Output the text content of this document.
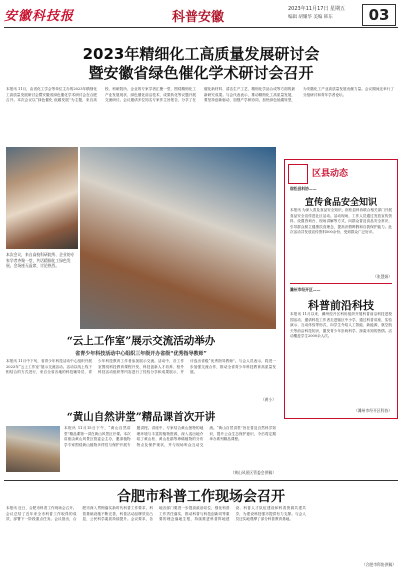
安徽科技报	科普安徽
2023年11月17日 星期五
编辑 胡耀华 美编 韩东	03
2023年精细化工高质量发展研讨会
暨安徽省绿色催化学术研讨会召开
本报讯 11月，由省化工学会等单位主办的2023年精细化工高质量发展研讨会暨安徽省绿色催化学术研讨会在合肥召开。本次会议以“绿色催化 低碳发展”为主题，来自高校、科研院所、企业的专家学者汇聚一堂，围绕精细化工产业发展现状、绿色催化前沿技术、成果转化等议题开展交流研讨。会议邀请多位知名专家作主旨报告，分享了在催化新材料、清洁生产工艺、精细化学品合成等方面的最新研究成果。与会代表表示，推动精细化工高质量发展，要坚持创新驱动，加强产学研协同，加快绿色低碳转型，为安徽化工产业高质量发展贡献力量。会议期间还举行了分组研讨和青年学者论坛。
本次会议，来自高校科研院所、企业的专家学者齐聚一堂，共话精细化工绿色发展。会场座无虚席，讨论热烈。
“云上工作室”展示交流活动举办
省青少年科技活动中心组织三年级开办省级“优秀指导教师”
本报讯 11月中下旬，省青少年科技活动中心组织开展2023年“云上工作室”展示交流活动。活动以线上线下相结合的方式进行，来自全省各地的科技辅导员、青少年科技教育工作者参加展示交流。活动中，各工作室围绕科技教育课程开发、科技创新人才培养、校外科技活动组织等内容进行了经验分享和成果展示，并评选出省级“优秀指导教师”。与会人员表示，将进一步加强交流合作，推动全省青少年科技教育高质量发展。
（黄小）
“黄山自然讲堂”精品课首次开讲
本报讯 11月15日下午，“黄山自然讲堂”精品课第一讲在黄山风景区开课。本次讲座由黄山风景区管委会主办，邀请植物学专家围绕黄山植物多样性与保护开展专题讲授。讲座中，专家结合黄山独特的地理环境与丰富的植物资源，深入浅出地介绍了黄山松、黄山杜鹃等珍稀植物的分布特点及保护现状，并与现场听众互动交流。“黄山自然讲堂”旨在普及自然科学知识，提升公众生态保护意识，今后将定期举办系列精品课程。
（黄山风景区管委会供稿）
区县动态
宿松县科协——
宣传食品安全知识
本报讯 为深入普及食品安全知识，宿松县科协联合相关部门开展食品安全宣传进社区活动。活动现场，工作人员通过发放宣传资料、设置咨询台、现场讲解等方式，向群众普及食品安全常识，引导群众树立健康饮食理念，提高识假辨假和自我保护能力。此次活动共发放宣传资料500余份，受到群众广泛好评。
（张慧娟）
濉州市经开区——
科普前沿科技
本报讯 11月以来，濉州经开区科协组织开展科普前沿科技进校园活动，邀请科技工作者走进辖区中小学，通过科普讲座、实验演示、互动体验等形式，向学生介绍人工智能、新能源、航空航天等前沿科技知识，激发青少年崇尚科学、探索未知的热情。活动覆盖学生2000余人次。
（濉州市经开区科协）
合肥市科普工作现场会召开
本报讯 近日，合肥市科普工作现场会召开。会议总结了近年来全市科普工作取得的成效，部署下一阶段重点任务。会议指出，合肥市深入贯彻落实新时代科普工作要求，科普基础设施不断完善，科普活动品牌效应凸显，公民科学素质持续提升。会议要求，各地各部门要进一步提高政治站位，强化科普工作责任落实，推动科普与科技创新同等重要的理念落地生根，持续推进科普阵地建设、科普人才队伍建设和科普资源共建共享，为建设科技强市提供有力支撑。与会人员还实地观摩了部分科普教育基地。
（合肥市科协供稿）
